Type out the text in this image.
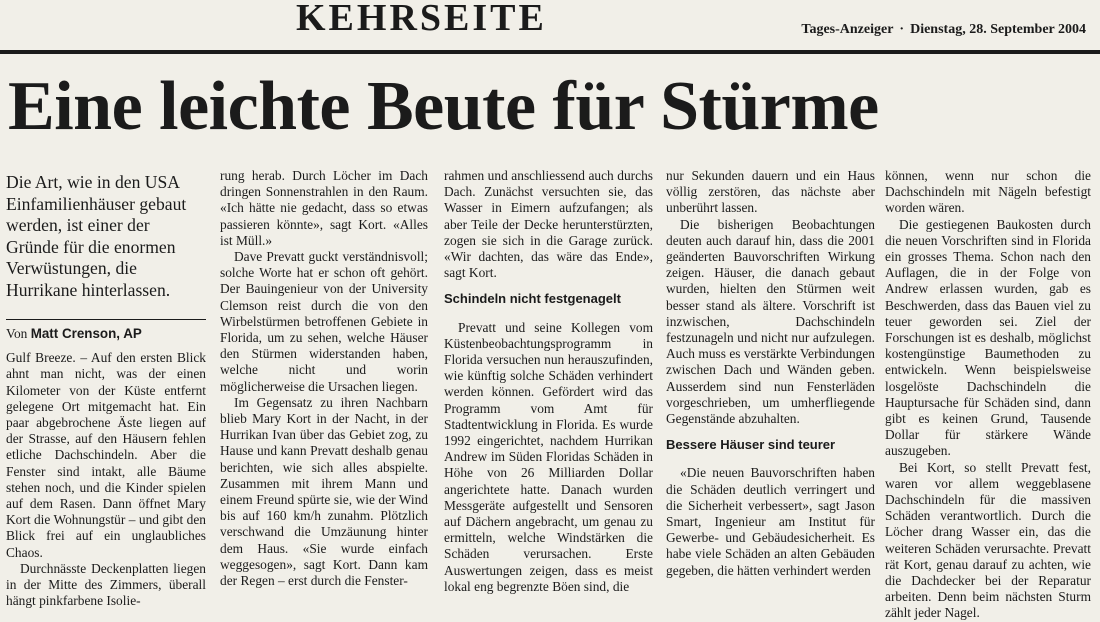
KEHRSEITE	Tages-Anzeiger · Dienstag, 28. September 2004
Eine leichte Beute für Stürme
Die Art, wie in den USA Einfamilienhäuser gebaut werden, ist einer der Gründe für die enormen Verwüstungen, die Hurrikane hinterlassen.
Von Matt Crenson, AP

Gulf Breeze. – Auf den ersten Blick ahnt man nicht, was der einen Kilometer von der Küste entfernt gelegene Ort mitgemacht hat. Ein paar abgebrochene Äste liegen auf der Strasse, auf den Häusern fehlen etliche Dachschindeln. Aber die Fenster sind intakt, alle Bäume stehen noch, und die Kinder spielen auf dem Rasen. Dann öffnet Mary Kort die Wohnungstür – und gibt den Blick frei auf ein unglaubliches Chaos.

Durchnässte Deckenplatten liegen in der Mitte des Zimmers, überall hängt pinkfarbene Isolie-

rung herab. Durch Löcher im Dach dringen Sonnenstrahlen in den Raum. «Ich hätte nie gedacht, dass so etwas passieren könnte», sagt Kort. «Alles ist Müll.»

Dave Prevatt guckt verständnisvoll; solche Worte hat er schon oft gehört. Der Bauingenieur von der University Clemson reist durch die von den Wirbelstürmen betroffenen Gebiete in Florida, um zu sehen, welche Häuser den Stürmen widerstanden haben, welche nicht und worin möglicherweise die Ursachen liegen.

Im Gegensatz zu ihren Nachbarn blieb Mary Kort in der Nacht, in der Hurrikan Ivan über das Gebiet zog, zu Hause und kann Prevatt deshalb genau berichten, wie sich alles abspielte. Zusammen mit ihrem Mann und einem Freund spürte sie, wie der Wind bis auf 160 km/h zunahm. Plötzlich verschwand die Umzäunung hinter dem Haus. «Sie wurde einfach weggesogen», sagt Kort. Dann kam der Regen – erst durch die Fenster-

rahmen und anschliessend auch durchs Dach. Zunächst versuchten sie, das Wasser in Eimern aufzufangen; als aber Teile der Decke herunterstürzten, zogen sie sich in die Garage zurück. «Wir dachten, das wäre das Ende», sagt Kort.

Schindeln nicht festgenagelt

Prevatt und seine Kollegen vom Küstenbeobachtungsprogramm in Florida versuchen nun herauszufinden, wie künftig solche Schäden verhindert werden können. Gefördert wird das Programm vom Amt für Stadtentwicklung in Florida. Es wurde 1992 eingerichtet, nachdem Hurrikan Andrew im Süden Floridas Schäden in Höhe von 26 Milliarden Dollar angerichtete hatte. Danach wurden Messgeräte aufgestellt und Sensoren auf Dächern angebracht, um genau zu ermitteln, welche Windstärken die Schäden verursachen. Erste Auswertungen zeigen, dass es meist lokal eng begrenzte Böen sind, die

nur Sekunden dauern und ein Haus völlig zerstören, das nächste aber unberührt lassen.

Die bisherigen Beobachtungen deuten auch darauf hin, dass die 2001 geänderten Bauvorschriften Wirkung zeigen. Häuser, die danach gebaut wurden, hielten den Stürmen weit besser stand als ältere. Vorschrift ist inzwischen, Dachschindeln festzunageln und nicht nur aufzulegen. Auch muss es verstärkte Verbindungen zwischen Dach und Wänden geben. Ausserdem sind nun Fensterläden vorgeschrieben, um umherfliegende Gegenstände abzuhalten.

Bessere Häuser sind teurer

«Die neuen Bauvorschriften haben die Schäden deutlich verringert und die Sicherheit verbessert», sagt Jason Smart, Ingenieur am Institut für Gewerbe- und Gebäudesicherheit. Es habe viele Schäden an alten Gebäuden gegeben, die hätten verhindert werden

können, wenn nur schon die Dachschindeln mit Nägeln befestigt worden wären.

Die gestiegenen Baukosten durch die neuen Vorschriften sind in Florida ein grosses Thema. Schon nach den Auflagen, die in der Folge von Andrew erlassen wurden, gab es Beschwerden, dass das Bauen viel zu teuer geworden sei. Ziel der Forschungen ist es deshalb, möglichst kostengünstige Baumethoden zu entwickeln. Wenn beispielsweise losgelöste Dachschindeln die Hauptursache für Schäden sind, dann gibt es keinen Grund, Tausende Dollar für stärkere Wände auszugeben.

Bei Kort, so stellt Prevatt fest, waren vor allem weggeblasene Dachschindeln für die massiven Schäden verantwortlich. Durch die Löcher drang Wasser ein, das die weiteren Schäden verursachte. Prevatt rät Kort, genau darauf zu achten, wie die Dachdecker bei der Reparatur arbeiten. Denn beim nächsten Sturm zählt jeder Nagel.
